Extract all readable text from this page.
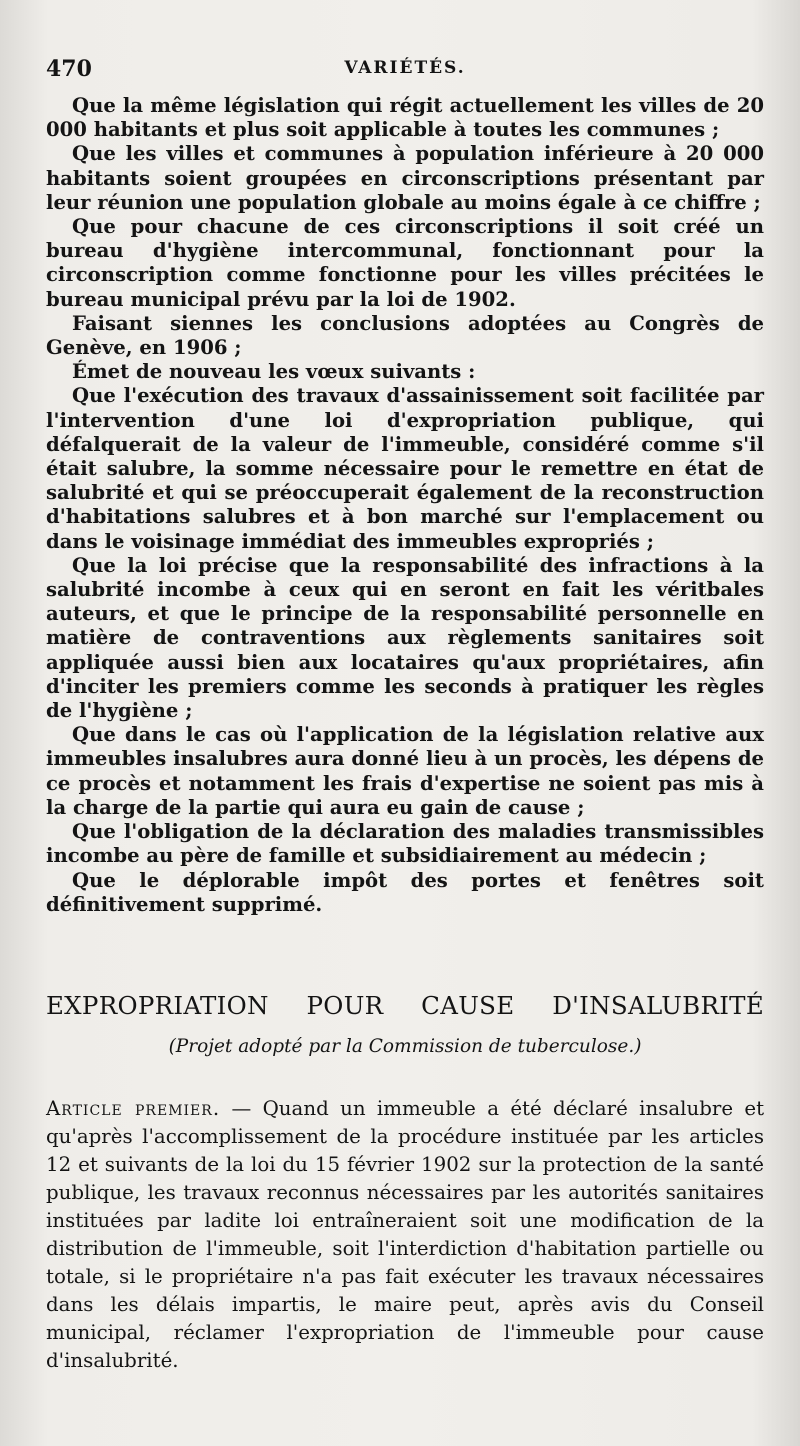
470	VARIÉTÉS.

Que la même législation qui régit actuellement les villes de 20 000 habitants et plus soit applicable à toutes les communes ;

Que les villes et communes à population inférieure à 20 000 habitants soient groupées en circonscriptions présentant par leur réunion une population globale au moins égale à ce chiffre ;

Que pour chacune de ces circonscriptions il soit créé un bureau d'hygiène intercommunal, fonctionnant pour la circonscription comme fonctionne pour les villes précitées le bureau municipal prévu par la loi de 1902.

Faisant siennes les conclusions adoptées au Congrès de Genève, en 1906 ;

Émet de nouveau les vœux suivants :

Que l'exécution des travaux d'assainissement soit facilitée par l'intervention d'une loi d'expropriation publique, qui défalquerait de la valeur de l'immeuble, considéré comme s'il était salubre, la somme nécessaire pour le remettre en état de salubrité et qui se préoccuperait également de la reconstruction d'habitations salubres et à bon marché sur l'emplacement ou dans le voisinage immédiat des immeubles expropriés ;

Que la loi précise que la responsabilité des infractions à la salubrité incombe à ceux qui en seront en fait les véritbales auteurs, et que le principe de la responsabilité personnelle en matière de contraventions aux règlements sanitaires soit appliquée aussi bien aux locataires qu'aux propriétaires, afin d'inciter les premiers comme les seconds à pratiquer les règles de l'hygiène ;

Que dans le cas où l'application de la législation relative aux immeubles insalubres aura donné lieu à un procès, les dépens de ce procès et notamment les frais d'expertise ne soient pas mis à la charge de la partie qui aura eu gain de cause ;

Que l'obligation de la déclaration des maladies transmissibles incombe au père de famille et subsidiairement au médecin ;

Que le déplorable impôt des portes et fenêtres soit définitivement supprimé.

EXPROPRIATION POUR CAUSE D'INSALUBRITÉ
(Projet adopté par la Commission de tuberculose.)

Article premier. — Quand un immeuble a été déclaré insalubre et qu'après l'accomplissement de la procédure instituée par les articles 12 et suivants de la loi du 15 février 1902 sur la protection de la santé publique, les travaux reconnus nécessaires par les autorités sanitaires instituées par ladite loi entraîneraient soit une modification de la distribution de l'immeuble, soit l'interdiction d'habitation partielle ou totale, si le propriétaire n'a pas fait exécuter les travaux nécessaires dans les délais impartis, le maire peut, après avis du Conseil municipal, réclamer l'expropriation de l'immeuble pour cause d'insalubrité.
